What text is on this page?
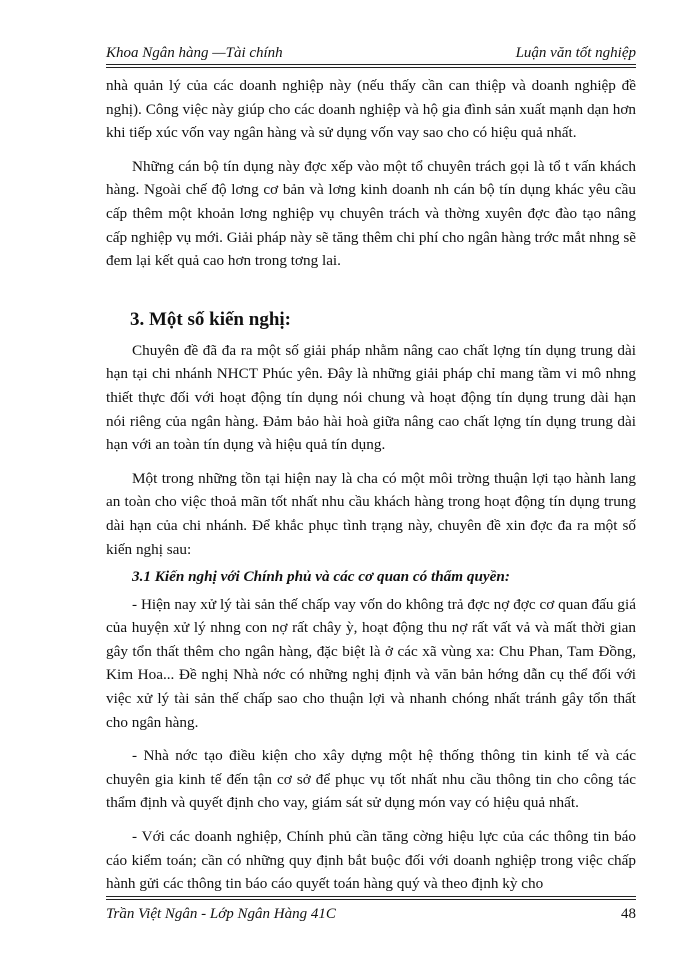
Khoa Ngân hàng —Tài chính	Luận văn tốt nghiệp

nhà quản lý của các doanh nghiệp này (nếu thấy cần can thiệp và doanh nghiệp đề nghị). Công việc này giúp cho các doanh nghiệp và hộ gia đình sản xuất mạnh dạn hơn khi tiếp xúc vốn vay ngân hàng và sử dụng vốn vay sao cho có hiệu quả nhất.

Những cán bộ tín dụng này đợc xếp vào một tổ chuyên trách gọi là tổ t vấn khách hàng. Ngoài chế độ lơng cơ bản và lơng kinh doanh nh cán bộ tín dụng khác yêu cầu cấp thêm một khoản lơng nghiệp vụ chuyên trách và thờng xuyên đợc đào tạo nâng cấp nghiệp vụ mới. Giải pháp này sẽ tăng thêm chi phí cho ngân hàng trớc mắt nhng sẽ đem lại kết quả cao hơn trong tơng lai.

3. Một số kiến nghị:

Chuyên đề đã đa ra một số giải pháp nhằm nâng cao chất lợng tín dụng trung dài hạn tại chi nhánh NHCT Phúc yên. Đây là những giải pháp chỉ mang tầm vi mô nhng thiết thực đối với hoạt động tín dụng nói chung và hoạt động tín dụng trung dài hạn nói riêng của ngân hàng. Đảm bảo hài hoà giữa nâng cao chất lợng tín dụng trung dài hạn với an toàn tín dụng và hiệu quả tín dụng.

Một trong những tồn tại hiện nay là cha có một môi trờng thuận lợi tạo hành lang an toàn cho việc thoả mãn tốt nhất nhu cầu khách hàng trong hoạt động tín dụng trung dài hạn của chi nhánh. Để khắc phục tình trạng này, chuyên đề xin đợc đa ra một số kiến nghị sau:

3.1 Kiến nghị với Chính phủ và các cơ quan có thẩm quyền:

- Hiện nay xử lý tài sản thế chấp vay vốn do không trả đợc nợ đợc cơ quan đấu giá của huyện xử lý nhng con nợ rất chây ỳ, hoạt động thu nợ rất vất vả và mất thời gian gây tổn thất thêm cho ngân hàng, đặc biệt là ở các xã vùng xa: Chu Phan, Tam Đồng, Kim Hoa... Đề nghị Nhà nớc có những nghị định và văn bản hớng dẫn cụ thể đối với việc xử lý tài sản thế chấp sao cho thuận lợi và nhanh chóng nhất tránh gây tổn thất cho ngân hàng.

- Nhà nớc tạo điều kiện cho xây dựng một hệ thống thông tin kinh tế và các chuyên gia kinh tế đến tận cơ sở để phục vụ tốt nhất nhu cầu thông tin cho công tác thẩm định và quyết định cho vay, giám sát sử dụng món vay có hiệu quả nhất.

- Với các doanh nghiệp, Chính phủ cần tăng cờng hiệu lực của các thông tin báo cáo kiểm toán; cần có những quy định bắt buộc đối với doanh nghiệp trong việc chấp hành gửi các thông tin báo cáo quyết toán hàng quý và theo định kỳ cho

Trần Việt Ngân - Lớp Ngân Hàng 41C	48
